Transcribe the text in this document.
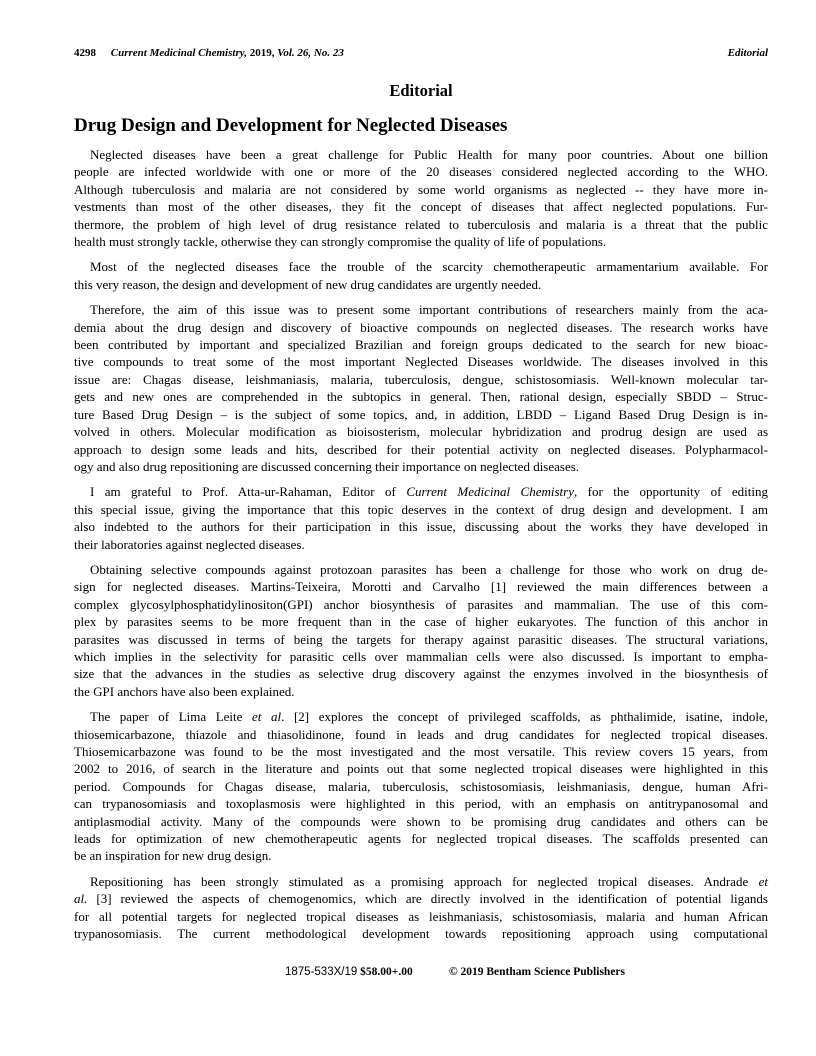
4298 Current Medicinal Chemistry, 2019, Vol. 26, No. 23	Editorial
Editorial
Drug Design and Development for Neglected Diseases
Neglected diseases have been a great challenge for Public Health for many poor countries. About one billion
people are infected worldwide with one or more of the 20 diseases considered neglected according to the WHO.
Although tuberculosis and malaria are not considered by some world organisms as neglected -- they have more in-
vestments than most of the other diseases, they fit the concept of diseases that affect neglected populations. Fur-
thermore, the problem of high level of drug resistance related to tuberculosis and malaria is a threat that the public
health must strongly tackle, otherwise they can strongly compromise the quality of life of populations.
Most of the neglected diseases face the trouble of the scarcity chemotherapeutic armamentarium available. For
this very reason, the design and development of new drug candidates are urgently needed.
Therefore, the aim of this issue was to present some important contributions of researchers mainly from the aca-
demia about the drug design and discovery of bioactive compounds on neglected diseases. The research works have
been contributed by important and specialized Brazilian and foreign groups dedicated to the search for new bioac-
tive compounds to treat some of the most important Neglected Diseases worldwide. The diseases involved in this
issue are: Chagas disease, leishmaniasis, malaria, tuberculosis, dengue, schistosomiasis. Well-known molecular tar-
gets and new ones are comprehended in the subtopics in general. Then, rational design, especially SBDD – Struc-
ture Based Drug Design – is the subject of some topics, and, in addition, LBDD – Ligand Based Drug Design is in-
volved in others. Molecular modification as bioisosterism, molecular hybridization and prodrug design are used as
approach to design some leads and hits, described for their potential activity on neglected diseases. Polypharmacol-
ogy and also drug repositioning are discussed concerning their importance on neglected diseases.
I am grateful to Prof. Atta-ur-Rahaman, Editor of Current Medicinal Chemistry, for the opportunity of editing
this special issue, giving the importance that this topic deserves in the context of drug design and development. I am
also indebted to the authors for their participation in this issue, discussing about the works they have developed in
their laboratories against neglected diseases.
Obtaining selective compounds against protozoan parasites has been a challenge for those who work on drug de-
sign for neglected diseases. Martins-Teixeira, Morotti and Carvalho [1] reviewed the main differences between a
complex glycosylphosphatidylinositon(GPI) anchor biosynthesis of parasites and mammalian. The use of this com-
plex by parasites seems to be more frequent than in the case of higher eukaryotes. The function of this anchor in
parasites was discussed in terms of being the targets for therapy against parasitic diseases. The structural variations,
which implies in the selectivity for parasitic cells over mammalian cells were also discussed. Is important to empha-
size that the advances in the studies as selective drug discovery against the enzymes involved in the biosynthesis of
the GPI anchors have also been explained.
The paper of Lima Leite et al. [2] explores the concept of privileged scaffolds, as phthalimide, isatine, indole,
thiosemicarbazone, thiazole and thiasolidinone, found in leads and drug candidates for neglected tropical diseases.
Thiosemicarbazone was found to be the most investigated and the most versatile. This review covers 15 years, from
2002 to 2016, of search in the literature and points out that some neglected tropical diseases were highlighted in this
period. Compounds for Chagas disease, malaria, tuberculosis, schistosomiasis, leishmaniasis, dengue, human Afri-
can trypanosomiasis and toxoplasmosis were highlighted in this period, with an emphasis on antitrypanosomal and
antiplasmodial activity. Many of the compounds were shown to be promising drug candidates and others can be
leads for optimization of new chemotherapeutic agents for neglected tropical diseases. The scaffolds presented can
be an inspiration for new drug design.
Repositioning has been strongly stimulated as a promising approach for neglected tropical diseases. Andrade et
al. [3] reviewed the aspects of chemogenomics, which are directly involved in the identification of potential ligands
for all potential targets for neglected tropical diseases as leishmaniasis, schistosomiasis, malaria and human African
trypanosomiasis. The current methodological development towards repositioning approach using computational
1875-533X/19 $58.00+.00	© 2019 Bentham Science Publishers
